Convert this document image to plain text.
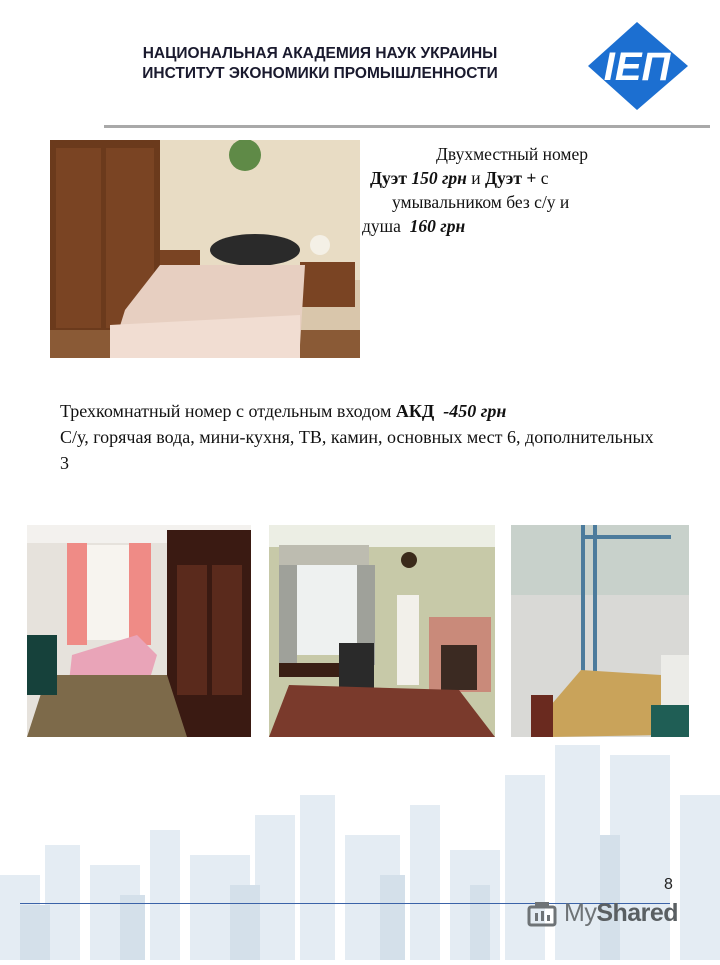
НАЦИОНАЛЬНАЯ АКАДЕМИЯ НАУК УКРАИНЫ
ИНСТИТУТ ЭКОНОМИКИ ПРОМЫШЛЕННОСТИ	ІЕП
Двухместный номер
Дуэт 150 грн и Дуэт + с
умывальником без с/у и
душа 160 грн
Трехкомнатный номер с отдельным входом АКД -450 грн
С/у, горячая вода, мини-кухня, ТВ, камин, основных мест 6, дополнительных 3
8
MyShared
